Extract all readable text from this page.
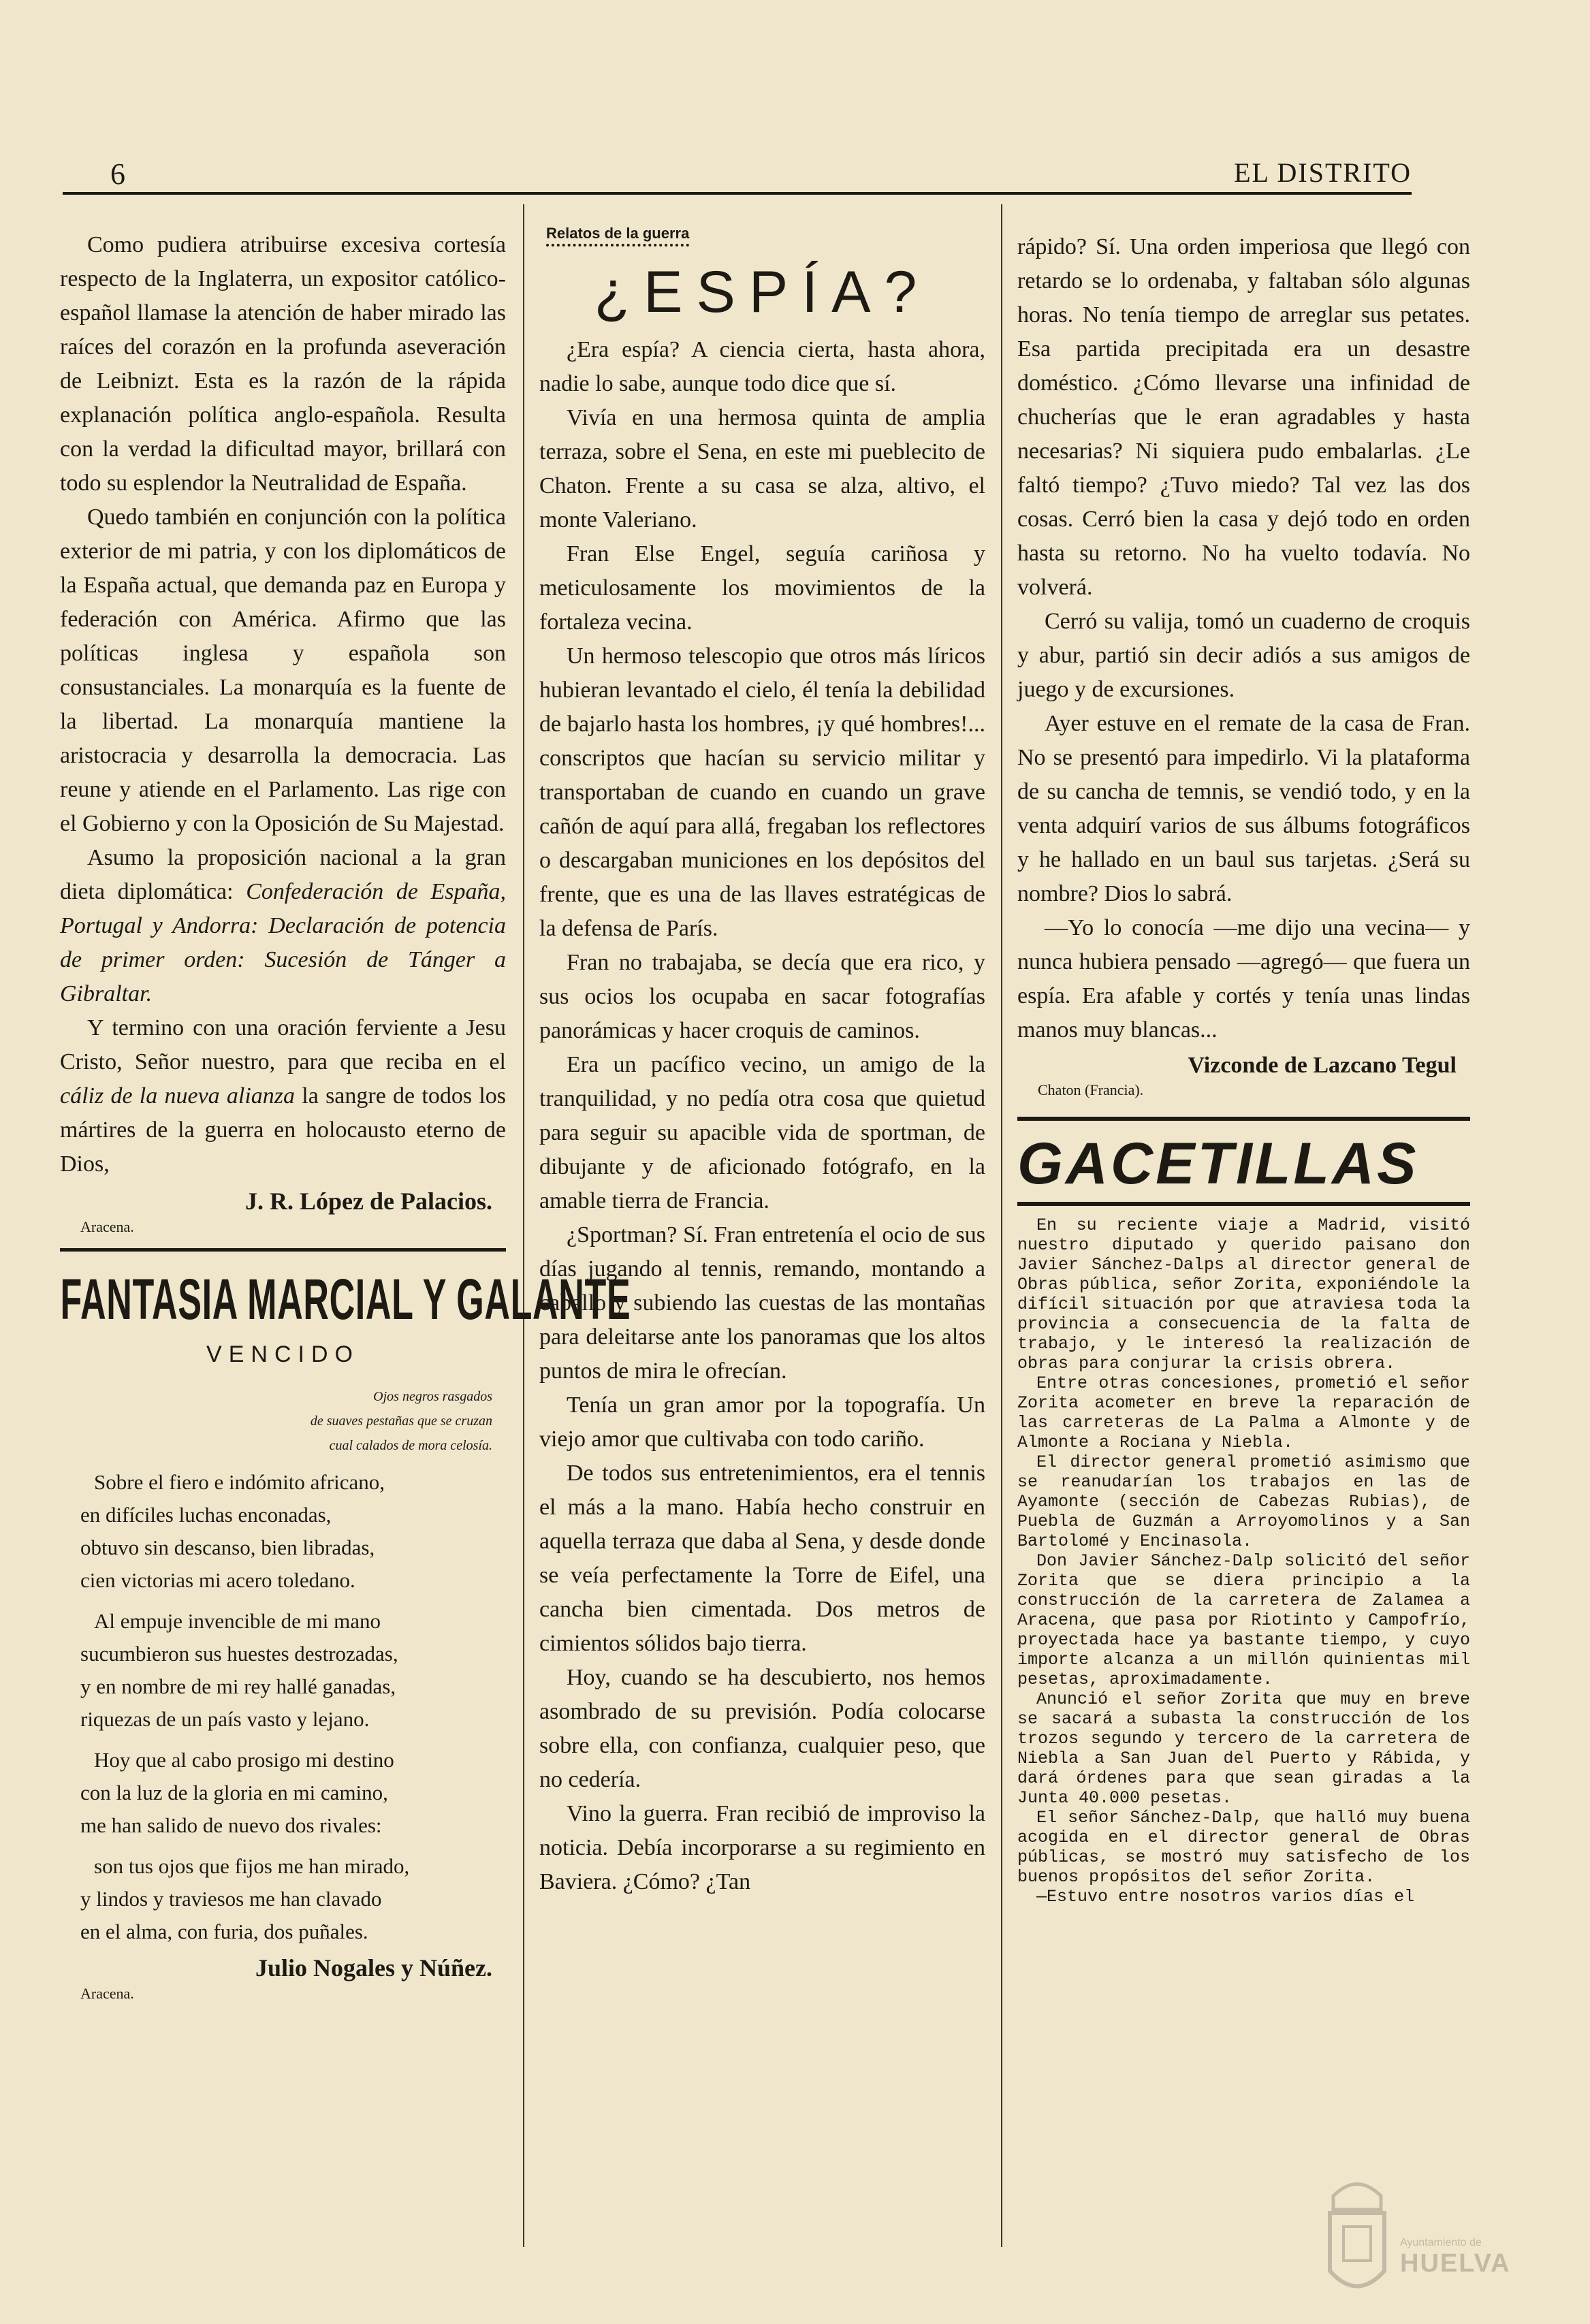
6	EL DISTRITO

Como pudiera atribuirse excesiva cortesía respecto de la Inglaterra, un expositor católico-español llamase la atención de haber mirado las raíces del corazón en la profunda aseveración de Leibnizt. Esta es la razón de la rápida explanación política anglo-española. Resulta con la verdad la dificultad mayor, brillará con todo su esplendor la Neutralidad de España.

Quedo también en conjunción con la política exterior de mi patria, y con los diplomáticos de la España actual, que demanda paz en Europa y federación con América. Afirmo que las políticas inglesa y española son consustanciales. La monarquía es la fuente de la libertad. La monarquía mantiene la aristocracia y desarrolla la democracia. Las reune y atiende en el Parlamento. Las rige con el Gobierno y con la Oposición de Su Majestad.

Asumo la proposición nacional a la gran dieta diplomática: Confederación de España, Portugal y Andorra: Declaración de potencia de primer orden: Sucesión de Tánger a Gibraltar.

Y termino con una oración ferviente a Jesu Cristo, Señor nuestro, para que reciba en el cáliz de la nueva alianza la sangre de todos los mártires de la guerra en holocausto eterno de Dios,

J. R. López de Palacios.
Aracena.
FANTASIA MARCIAL Y GALANTE
VENCIDO
Ojos negros rasgados
de suaves pestañas que se cruzan
cual calados de mora celosía.
Sobre el fiero e indómito africano,
en difíciles luchas enconadas,
obtuvo sin descanso, bien libradas,
cien victorias mi acero toledano.
Al empuje invencible de mi mano
sucumbieron sus huestes destrozadas,
y en nombre de mi rey hallé ganadas,
riquezas de un país vasto y lejano.
Hoy que al cabo prosigo mi destino
con la luz de la gloria en mi camino,
me han salido de nuevo dos rivales:
son tus ojos que fijos me han mirado,
y lindos y traviesos me han clavado
en el alma, con furia, dos puñales.
Julio Nogales y Núñez.
Aracena.
Relatos de la guerra
¿ESPÍA?

¿Era espía? A ciencia cierta, hasta ahora, nadie lo sabe, aunque todo dice que sí.

Vivía en una hermosa quinta de amplia terraza, sobre el Sena, en este mi pueblecito de Chaton. Frente a su casa se alza, altivo, el monte Valeriano.

Fran Else Engel, seguía cariñosa y meticulosamente los movimientos de la fortaleza vecina.

Un hermoso telescopio que otros más líricos hubieran levantado el cielo, él tenía la debilidad de bajarlo hasta los hombres, ¡y qué hombres!... conscriptos que hacían su servicio militar y transportaban de cuando en cuando un grave cañón de aquí para allá, fregaban los reflectores o descargaban municiones en los depósitos del frente, que es una de las llaves estratégicas de la defensa de París.

Fran no trabajaba, se decía que era rico, y sus ocios los ocupaba en sacar fotografías panorámicas y hacer croquis de caminos.

Era un pacífico vecino, un amigo de la tranquilidad, y no pedía otra cosa que quietud para seguir su apacible vida de sportman, de dibujante y de aficionado fotógrafo, en la amable tierra de Francia.

¿Sportman? Sí. Fran entretenía el ocio de sus días jugando al tennis, remando, montando a caballo y subiendo las cuestas de las montañas para deleitarse ante los panoramas que los altos puntos de mira le ofrecían.

Tenía un gran amor por la topografía. Un viejo amor que cultivaba con todo cariño.

De todos sus entretenimientos, era el tennis el más a la mano. Había hecho construir en aquella terraza que daba al Sena, y desde donde se veía perfectamente la Torre de Eifel, una cancha bien cimentada. Dos metros de cimientos sólidos bajo tierra.

Hoy, cuando se ha descubierto, nos hemos asombrado de su previsión. Podía colocarse sobre ella, con confianza, cualquier peso, que no cedería.

Vino la guerra. Fran recibió de improviso la noticia. Debía incorporarse a su regimiento en Baviera. ¿Cómo? ¿Tan

rápido? Sí. Una orden imperiosa que llegó con retardo se lo ordenaba, y faltaban sólo algunas horas. No tenía tiempo de arreglar sus petates. Esa partida precipitada era un desastre doméstico. ¿Cómo llevarse una infinidad de chucherías que le eran agradables y hasta necesarias? Ni siquiera pudo embalarlas. ¿Le faltó tiempo? ¿Tuvo miedo? Tal vez las dos cosas. Cerró bien la casa y dejó todo en orden hasta su retorno. No ha vuelto todavía. No volverá.

Cerró su valija, tomó un cuaderno de croquis y abur, partió sin decir adiós a sus amigos de juego y de excursiones.

Ayer estuve en el remate de la casa de Fran. No se presentó para impedirlo. Vi la plataforma de su cancha de temnis, se vendió todo, y en la venta adquirí varios de sus álbums fotográficos y he hallado en un baul sus tarjetas. ¿Será su nombre? Dios lo sabrá.

—Yo lo conocía —me dijo una vecina— y nunca hubiera pensado —agregó— que fuera un espía. Era afable y cortés y tenía unas lindas manos muy blancas...

Vizconde de Lazcano Tegul
Chaton (Francia).
GACETILLAS

En su reciente viaje a Madrid, visitó nuestro diputado y querido paisano don Javier Sánchez-Dalps al director general de Obras pública, señor Zorita, exponiéndole la difícil situación por que atraviesa toda la provincia a consecuencia de la falta de trabajo, y le interesó la realización de obras para conjurar la crisis obrera.

Entre otras concesiones, prometió el señor Zorita acometer en breve la reparación de las carreteras de La Palma a Almonte y de Almonte a Rociana y Niebla.

El director general prometió asimismo que se reanudarían los trabajos en las de Ayamonte (sección de Cabezas Rubias), de Puebla de Guzmán a Arroyomolinos y a San Bartolomé y Encinasola.

Don Javier Sánchez-Dalp solicitó del señor Zorita que se diera principio a la construcción de la carretera de Zalamea a Aracena, que pasa por Riotinto y Campofrío, proyectada hace ya bastante tiempo, y cuyo importe alcanza a un millón quinientas mil pesetas, aproximadamente.

Anunció el señor Zorita que muy en breve se sacará a subasta la construcción de los trozos segundo y tercero de la carretera de Niebla a San Juan del Puerto y Rábida, y dará órdenes para que sean giradas a la Junta 40.000 pesetas.

El señor Sánchez-Dalp, que halló muy buena acogida en el director general de Obras públicas, se mostró muy satisfecho de los buenos propósitos del señor Zorita.

—Estuvo entre nosotros varios días el

Ayuntamiento de
HUELVA
